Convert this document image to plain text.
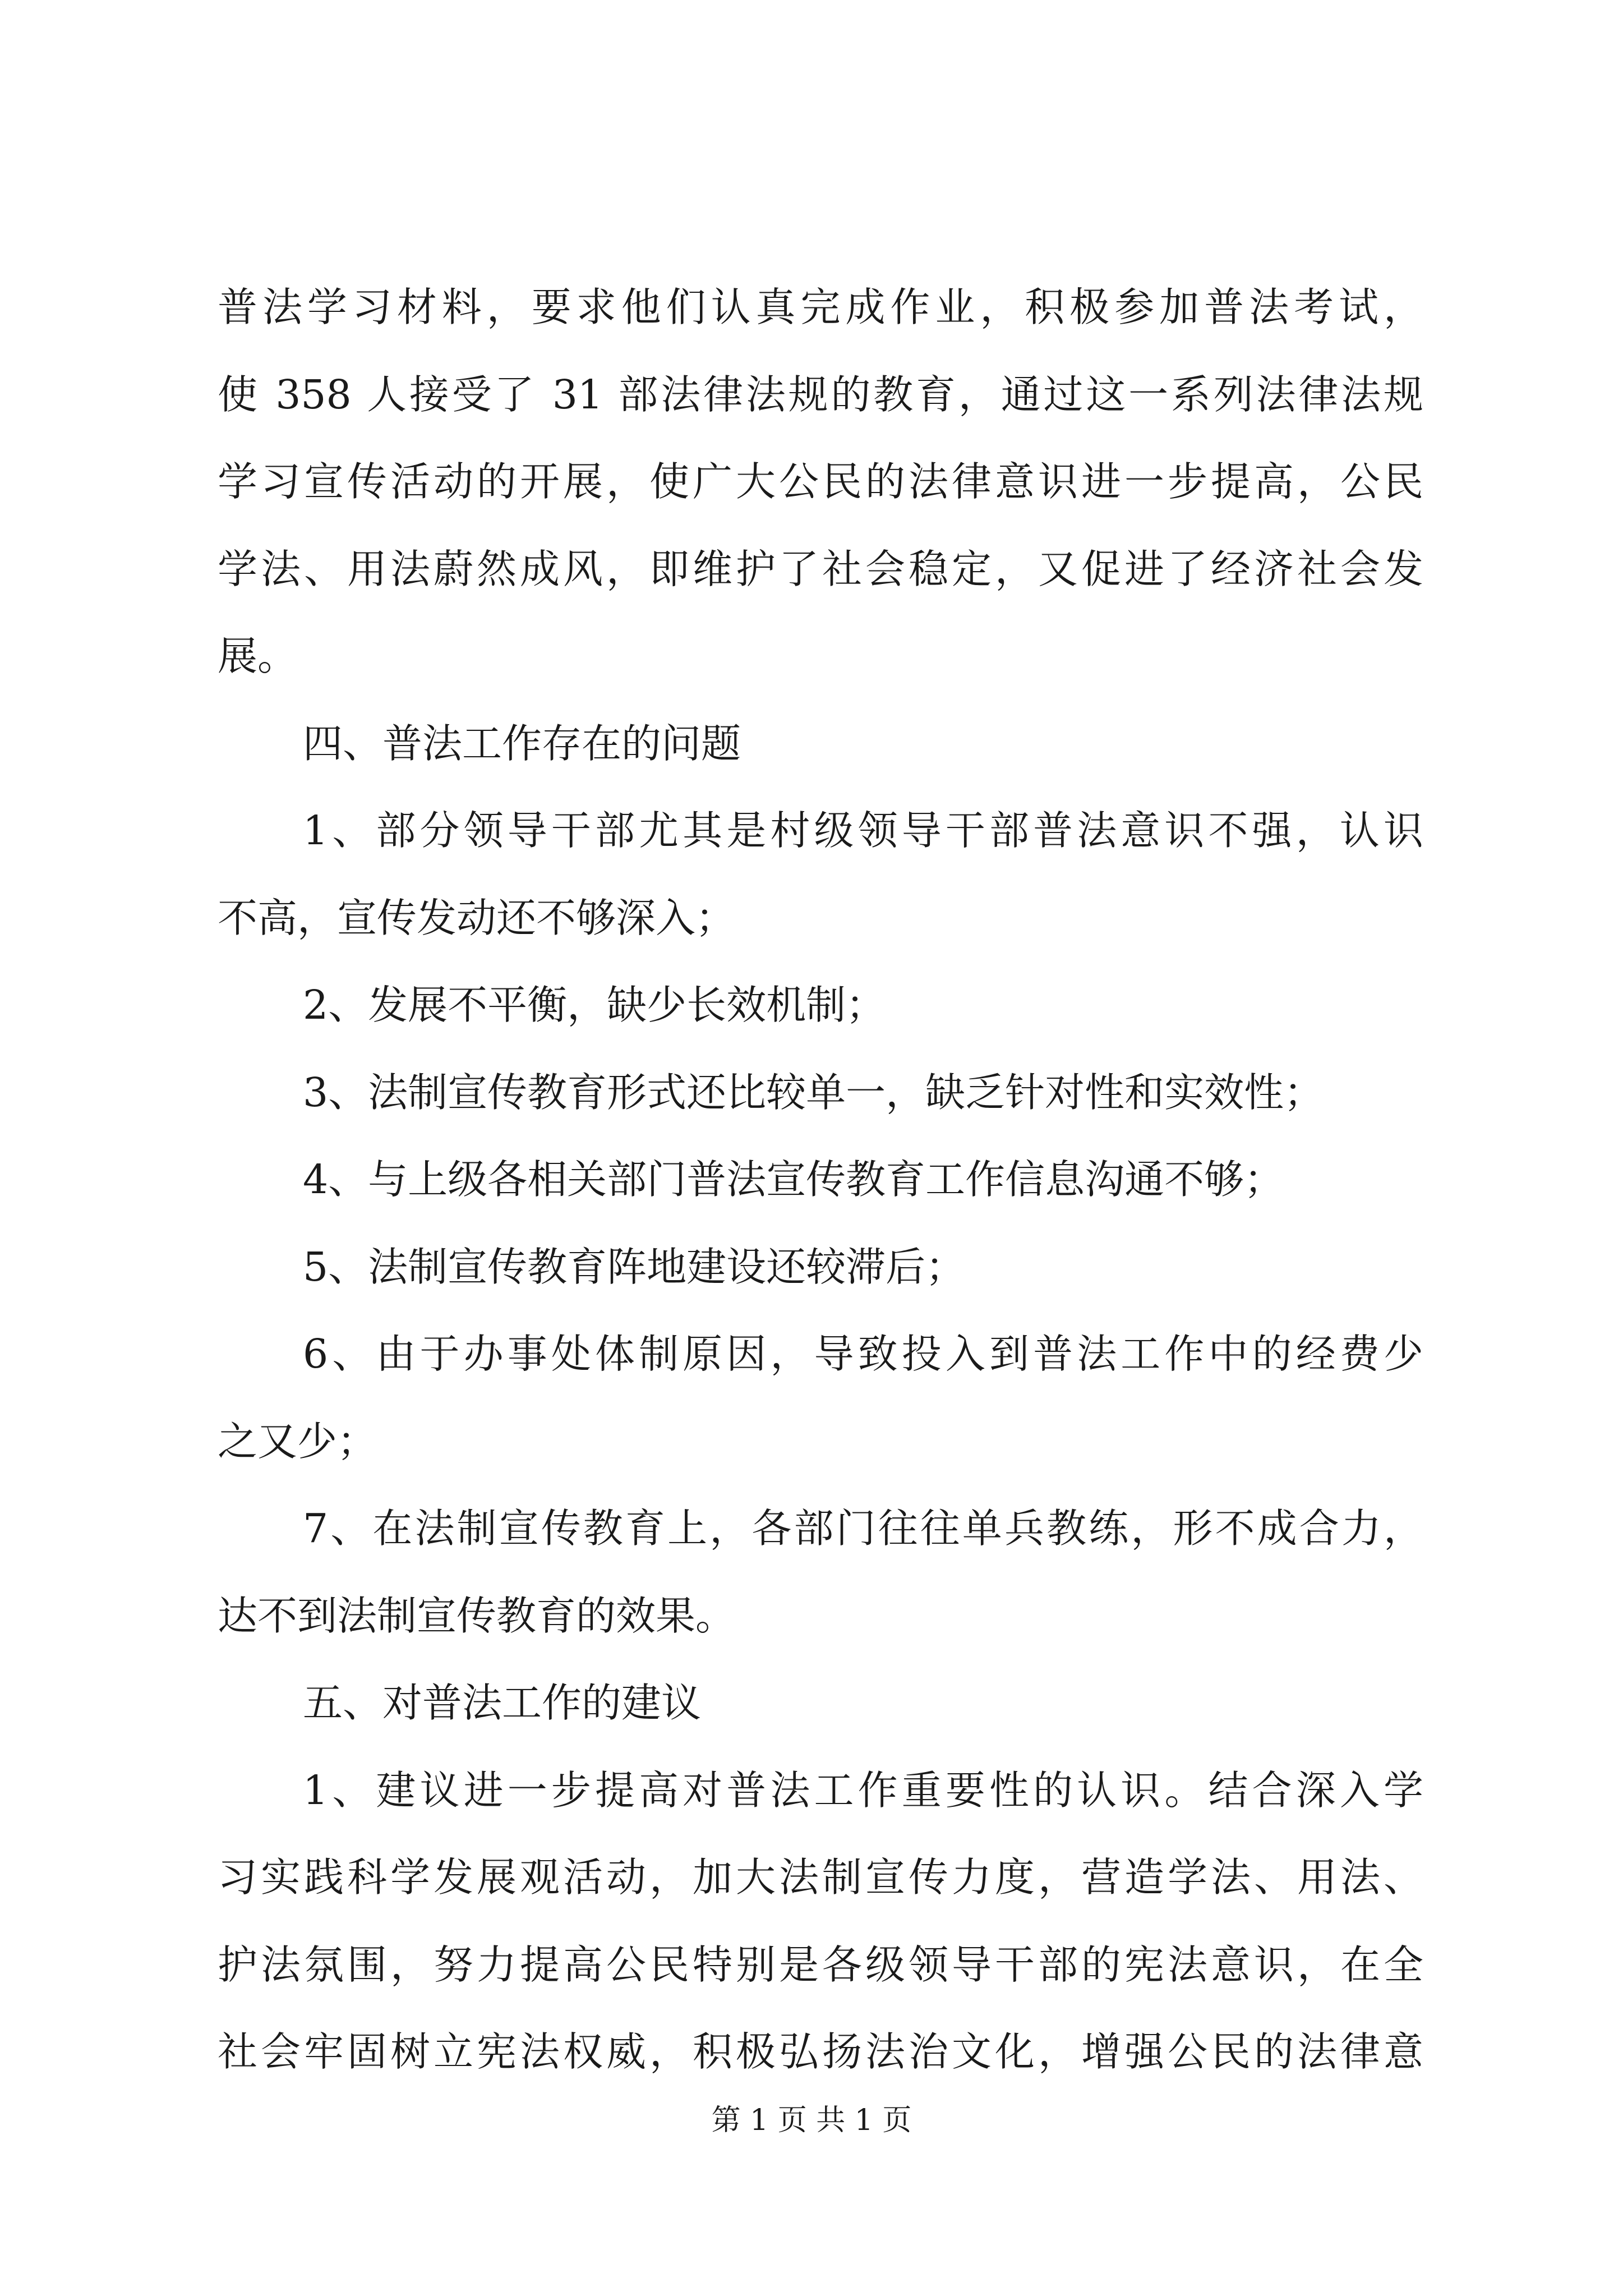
普法学习材料，要求他们认真完成作业，积极参加普法考试，
使 358 人接受了 31 部法律法规的教育，通过这一系列法律法规
学习宣传活动的开展，使广大公民的法律意识进一步提高，公民
学法、用法蔚然成风，即维护了社会稳定，又促进了经济社会发
展。
四、普法工作存在的问题
1、部分领导干部尤其是村级领导干部普法意识不强，认识
不高，宣传发动还不够深入；
2、发展不平衡，缺少长效机制；
3、法制宣传教育形式还比较单一，缺乏针对性和实效性；
4、与上级各相关部门普法宣传教育工作信息沟通不够；
5、法制宣传教育阵地建设还较滞后；
6、由于办事处体制原因，导致投入到普法工作中的经费少
之又少；
7、在法制宣传教育上，各部门往往单兵教练，形不成合力，
达不到法制宣传教育的效果。
五、对普法工作的建议
1、建议进一步提高对普法工作重要性的认识。结合深入学
习实践科学发展观活动，加大法制宣传力度，营造学法、用法、
护法氛围，努力提高公民特别是各级领导干部的宪法意识，在全
社会牢固树立宪法权威，积极弘扬法治文化，增强公民的法律意
第 1 页 共 1 页
